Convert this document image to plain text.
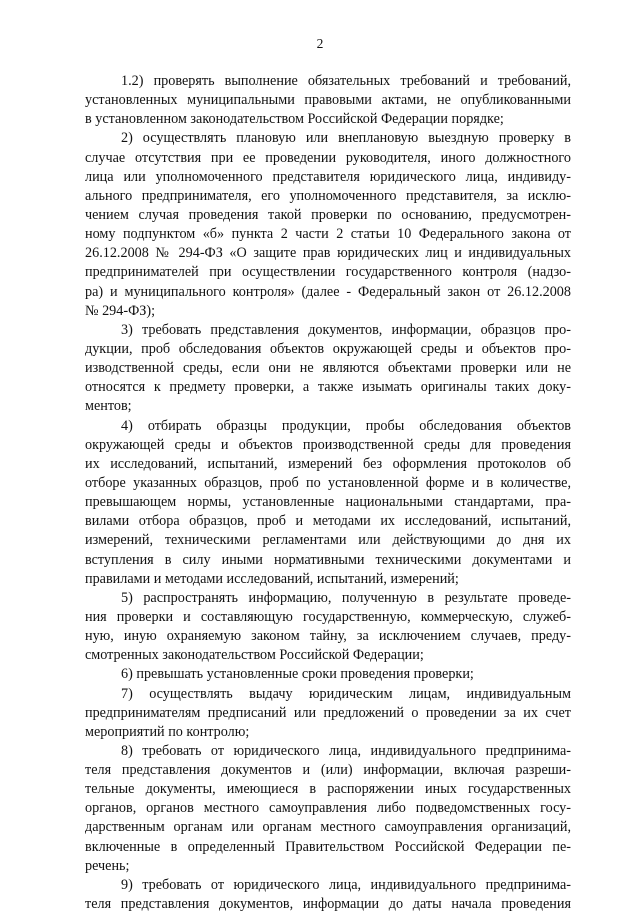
2
1.2) проверять выполнение обязательных требований и требований,
установленных муниципальными правовыми актами, не опубликованными
в установленном законодательством Российской Федерации порядке;
2) осуществлять плановую или внеплановую выездную проверку в
случае отсутствия при ее проведении руководителя, иного должностного
лица или уполномоченного представителя юридического лица, индивиду-
ального предпринимателя, его уполномоченного представителя, за исклю-
чением случая проведения такой проверки по основанию, предусмотрен-
ному подпунктом «б» пункта 2 части 2 статьи 10 Федерального закона от
26.12.2008 № 294-ФЗ «О защите прав юридических лиц и индивидуальных
предпринимателей при осуществлении государственного контроля (надзо-
ра) и муниципального контроля» (далее - Федеральный закон от 26.12.2008
№ 294-ФЗ);
3) требовать представления документов, информации, образцов про-
дукции, проб обследования объектов окружающей среды и объектов про-
изводственной среды, если они не являются объектами проверки или не
относятся к предмету проверки, а также изымать оригиналы таких доку-
ментов;
4) отбирать образцы продукции, пробы обследования объектов
окружающей среды и объектов производственной среды для проведения
их исследований, испытаний, измерений без оформления протоколов об
отборе указанных образцов, проб по установленной форме и в количестве,
превышающем нормы, установленные национальными стандартами, пра-
вилами отбора образцов, проб и методами их исследований, испытаний,
измерений, техническими регламентами или действующими до дня их
вступления в силу иными нормативными техническими документами и
правилами и методами исследований, испытаний, измерений;
5) распространять информацию, полученную в результате проведе-
ния проверки и составляющую государственную, коммерческую, служеб-
ную, иную охраняемую законом тайну, за исключением случаев, преду-
смотренных законодательством Российской Федерации;
6) превышать установленные сроки проведения проверки;
7) осуществлять выдачу юридическим лицам, индивидуальным
предпринимателям предписаний или предложений о проведении за их счет
мероприятий по контролю;
8) требовать от юридического лица, индивидуального предпринима-
теля представления документов и (или) информации, включая разреши-
тельные документы, имеющиеся в распоряжении иных государственных
органов, органов местного самоуправления либо подведомственных госу-
дарственным органам или органам местного самоуправления организаций,
включенные в определенный Правительством Российской Федерации пе-
речень;
9) требовать от юридического лица, индивидуального предпринима-
теля представления документов, информации до даты начала проведения
